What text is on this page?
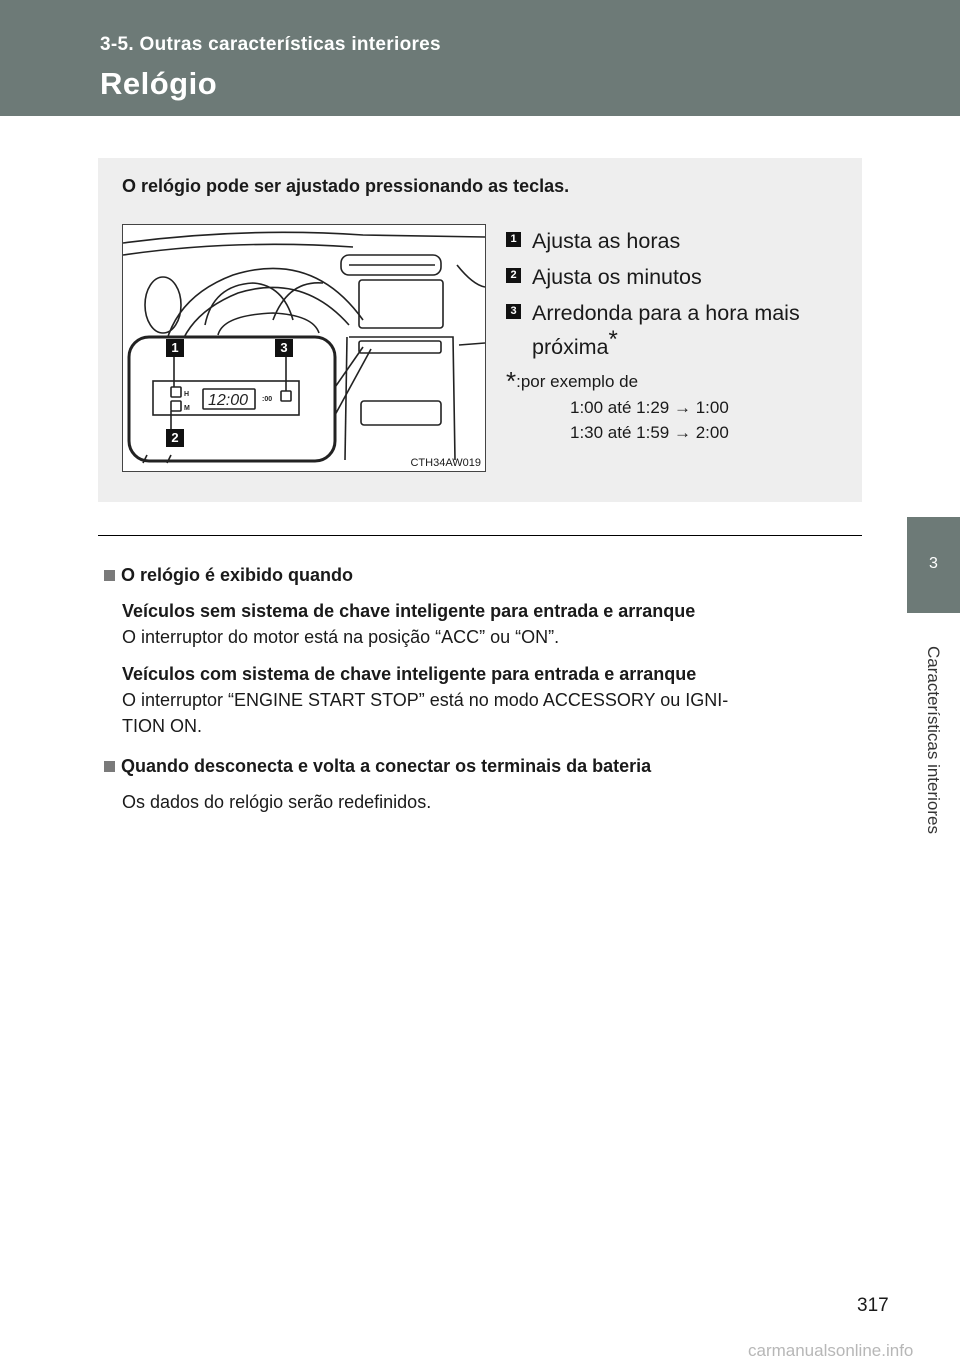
3-5. Outras características interiores
Relógio
3
Características interiores
O relógio pode ser ajustado pressionando as teclas.
H
M 12:00 :00
1	3
2
CTH34AW019
1 Ajusta as horas
2 Ajusta os minutos
3 Arredonda para a hora mais
próxima*
*:por exemplo de
1:00 até 1:29 → 1:00
1:30 até 1:59 → 2:00
O relógio é exibido quando
Veículos sem sistema de chave inteligente para entrada e arranque
O interruptor do motor está na posição “ACC” ou “ON”.
Veículos com sistema de chave inteligente para entrada e arranque
O interruptor “ENGINE START STOP” está no modo ACCESSORY ou IGNI-
TION ON.
Quando desconecta e volta a conectar os terminais da bateria
Os dados do relógio serão redefinidos.
317
carmanualsonline.info
